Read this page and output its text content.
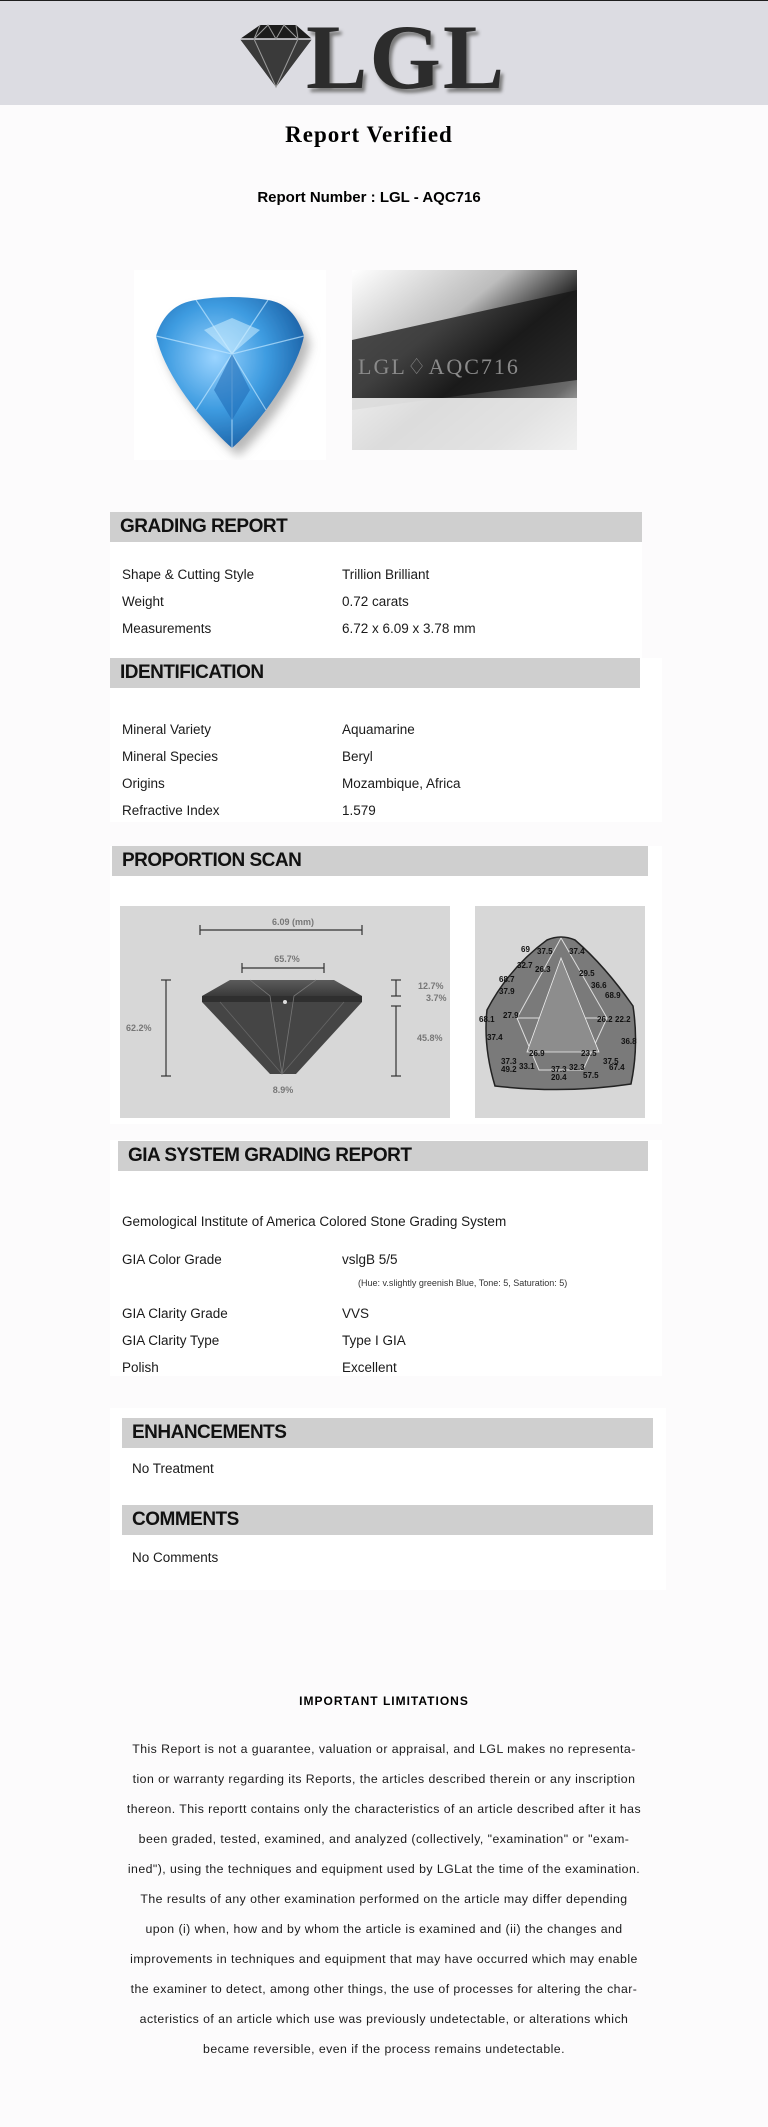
LGL
Report Verified
Report Number : LGL - AQC716
LGL♢AQC716
GRADING REPORT
Shape & Cutting Style	Trillion Brilliant
Weight	0.72 carats
Measurements	6.72 x 6.09 x 3.78 mm
IDENTIFICATION
Mineral Variety	Aquamarine
Mineral Species	Beryl
Origins	Mozambique, Africa
Refractive Index	1.579
PROPORTION SCAN
6.09 (mm)
65.7%
62.2%
12.7%
3.7%
45.8%
8.9%
69 37.5 37.4
32.7 26.3	29.5
68.7
37.9
36.6
68.9
27.9
68.1	26.2 22.2
37.4	36.8
26.9	23.5
37.3
33.1 37.3 32.3
37.5
49.2
20.4 57.5
67.4
GIA SYSTEM GRADING REPORT
Gemological Institute of America Colored Stone Grading System
GIA Color Grade	vslgB 5/5
(Hue: v.slightly greenish Blue, Tone: 5, Saturation: 5)
GIA Clarity Grade	VVS
GIA Clarity Type	Type I GIA
Polish	Excellent
ENHANCEMENTS
No Treatment
COMMENTS
No Comments
IMPORTANT LIMITATIONS
This Report is not a guarantee, valuation or appraisal, and LGL makes no representa-
tion or warranty regarding its Reports, the articles described therein or any inscription
thereon. This reportt contains only the characteristics of an article described after it has
been graded, tested, examined, and analyzed (collectively, "examination" or "exam-
ined"), using the techniques and equipment used by LGLat the time of the examination.
The results of any other examination performed on the article may differ depending
upon (i) when, how and by whom the article is examined and (ii) the changes and
improvements in techniques and equipment that may have occurred which may enable
the examiner to detect, among other things, the use of processes for altering the char-
acteristics of an article which use was previously undetectable, or alterations which
became reversible, even if the process remains undetectable.
